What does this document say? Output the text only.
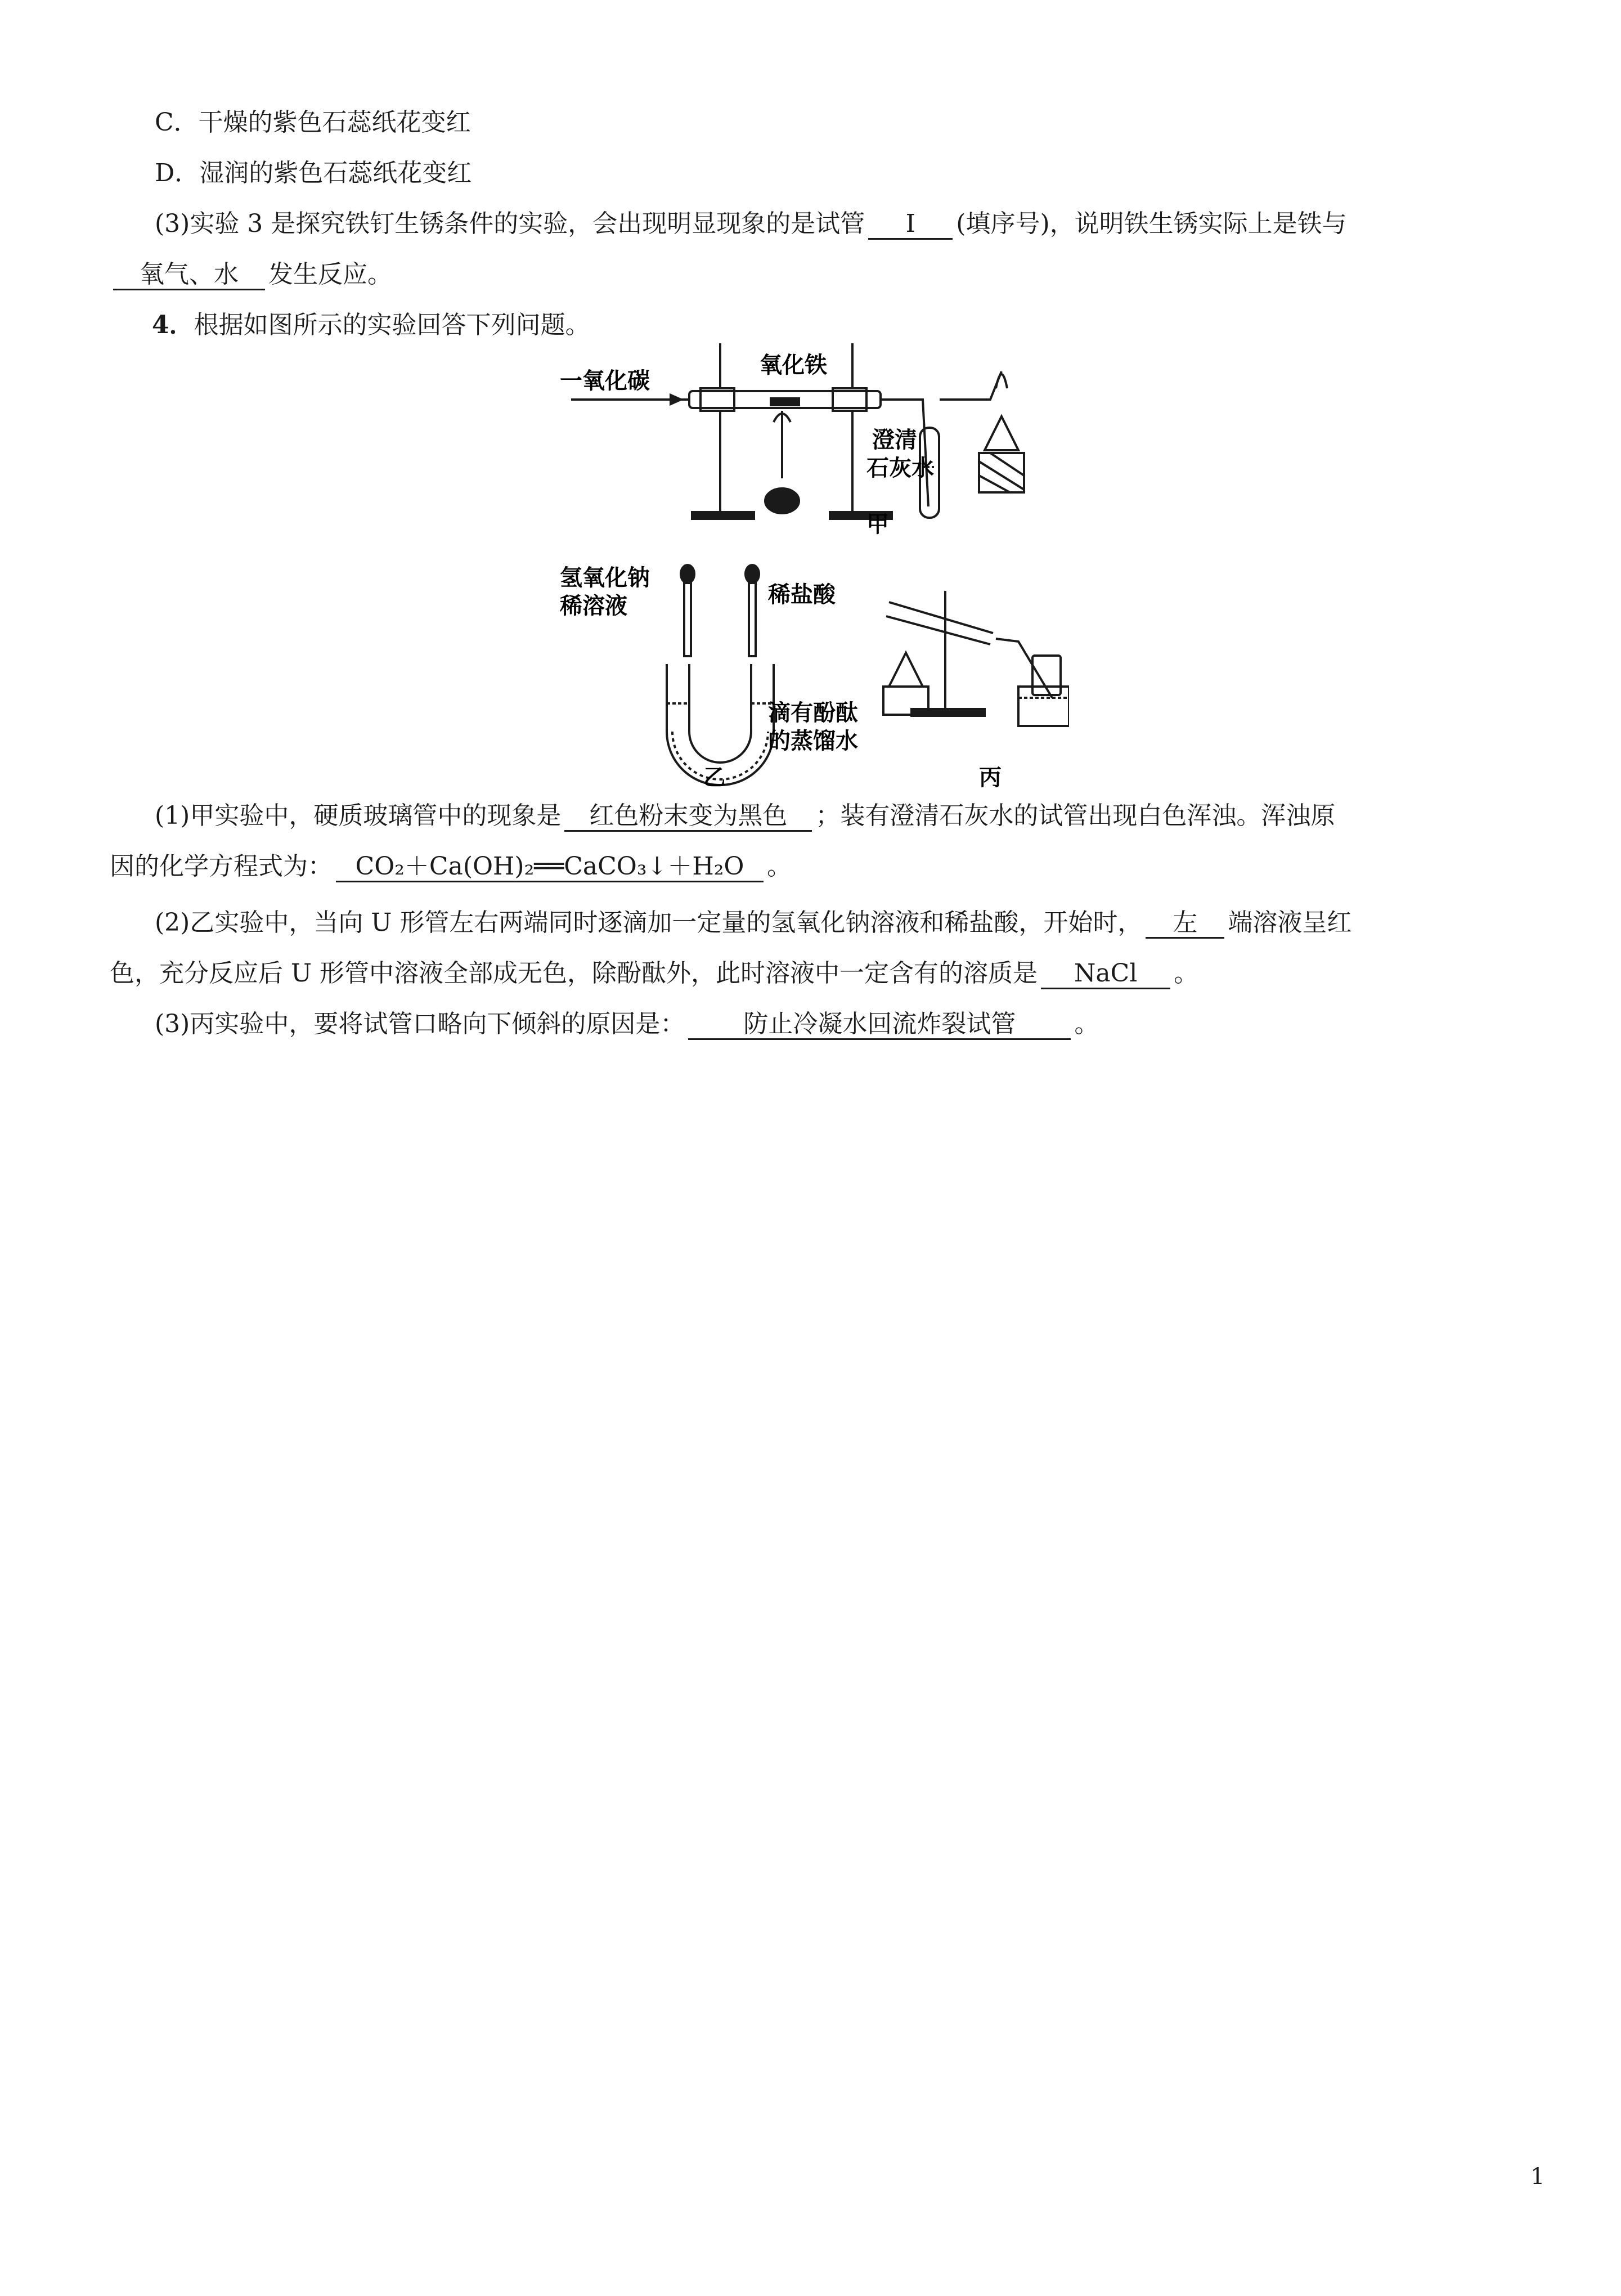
C．干燥的紫色石蕊纸花变红
D．湿润的紫色石蕊纸花变红
(3)实验 3 是探究铁钉生锈条件的实验，会出现明显现象的是试管 I (填序号)，说明铁生锈实际上是铁与
氧气、水 发生反应。
4．根据如图所示的实验回答下列问题。
一氧化碳
氧化铁
澄清
石灰水
甲
氢氧化钠
稀溶液	稀盐酸
滴有酚酞
的蒸馏水
乙	丙
(1)甲实验中，硬质玻璃管中的现象是 红色粉末变为黑色 ；装有澄清石灰水的试管出现白色浑浊。浑浊原
因的化学方程式为： CO₂＋Ca(OH)₂══CaCO₃↓＋H₂O 。
(2)乙实验中，当向 U 形管左右两端同时逐滴加一定量的氢氧化钠溶液和稀盐酸，开始时， 左 端溶液呈红
色，充分反应后 U 形管中溶液全部成无色，除酚酞外，此时溶液中一定含有的溶质是 NaCl 。
(3)丙实验中，要将试管口略向下倾斜的原因是： 防止冷凝水回流炸裂试管 。
1
